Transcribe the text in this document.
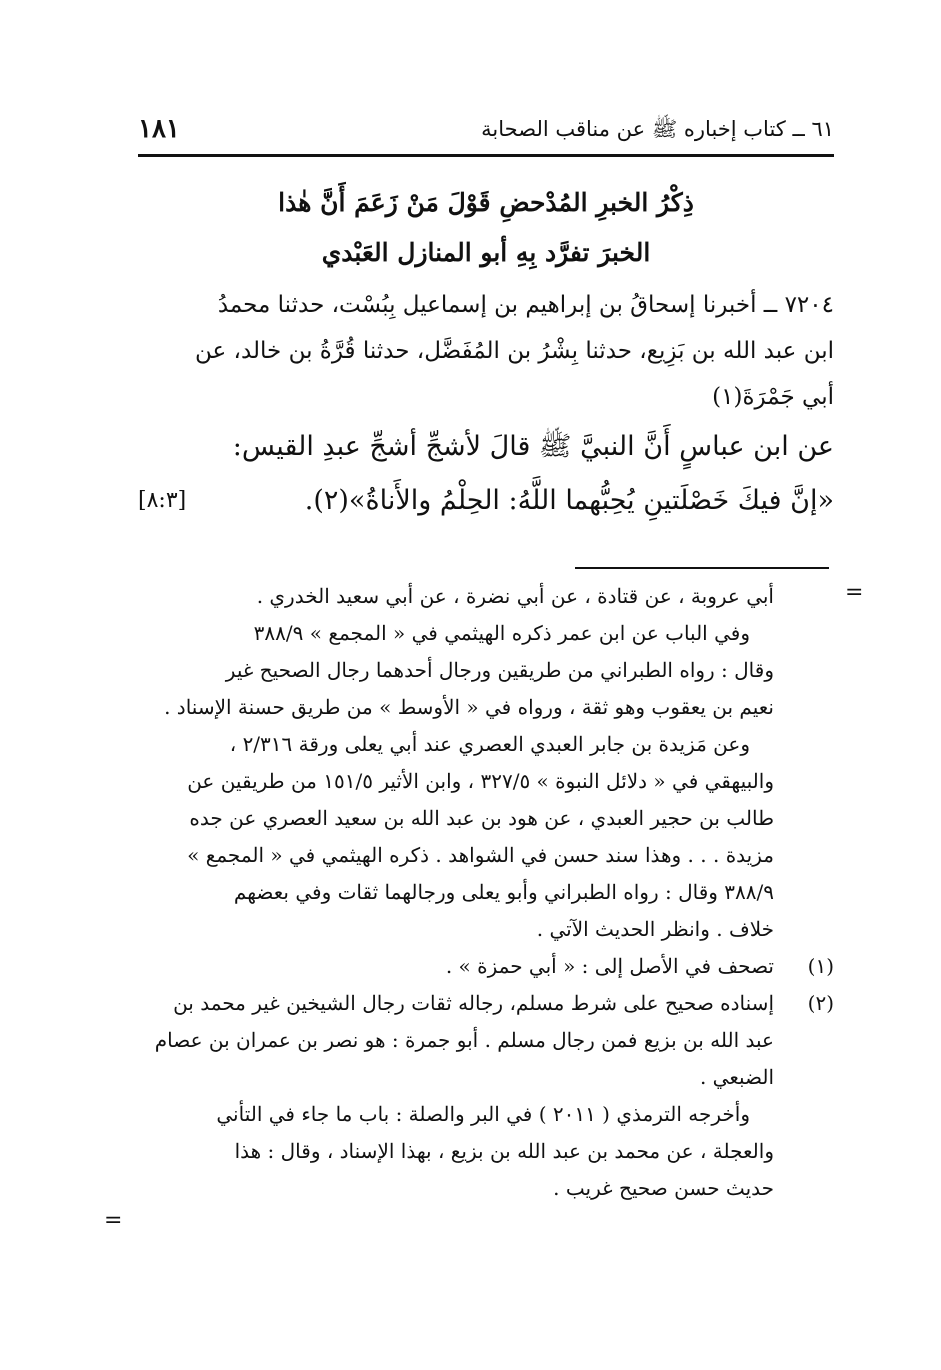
٦١ ــ كتاب إخباره ﷺ عن مناقب الصحابة
١٨١
ذِكْرُ الخبرِ المُدْحضِ قَوْلَ مَنْ زَعَمَ أَنَّ هٰذا
الخبرَ تفرَّد بِهِ أبو المنازل العَبْدي
٧٢٠٤ ــ أخبرنا إسحاقُ بن إبراهيم بن إسماعيل بِبُسْت، حدثنا محمدُ
ابن عبد الله بن بَزِيع، حدثنا بِشْرُ بن المُفَضَّل، حدثنا قُرَّةُ بن خالد، عن
أبي جَمْرَةَ(١)
عن ابن عباسٍ أَنَّ النبيَّ ﷺ قالَ لأشجِّ أشجِّ عبدِ القيس:
«إنَّ فيكَ خَصْلَتينِ يُحِبُّهما اللَّهُ: الحِلْمُ والأَناةُ»(٢).
[٨:٣]
=
أبي عروبة ، عن قتادة ، عن أبي نضرة ، عن أبي سعيد الخدري .
وفي الباب عن ابن عمر ذكره الهيثمي في « المجمع » ٣٨٨/٩
وقال : رواه الطبراني من طريقين ورجال أحدهما رجال الصحيح غير
نعيم بن يعقوب وهو ثقة ، ورواه في « الأوسط » من طريق حسنة الإسناد .
وعن مَزيدة بن جابر العبدي العصري عند أبي يعلى ورقة ٢/٣١٦ ،
والبيهقي في « دلائل النبوة » ٣٢٧/٥ ، وابن الأثير ١٥١/٥ من طريقين عن
طالب بن حجير العبدي ، عن هود بن عبد الله بن سعيد العصري عن جده
مزيدة . . . وهذا سند حسن في الشواهد . ذكره الهيثمي في « المجمع »
٣٨٨/٩ وقال : رواه الطبراني وأبو يعلى ورجالهما ثقات وفي بعضهم
خلاف . وانظر الحديث الآتي .
(١)
تصحف في الأصل إلى : « أبي حمزة » .
(٢)
إسناده صحيح على شرط مسلم، رجاله ثقات رجال الشيخين غير محمد بن
عبد الله بن بزيع فمن رجال مسلم . أبو جمرة : هو نصر بن عمران بن عصام
الضبعي .
وأخرجه الترمذي ( ٢٠١١ ) في البر والصلة : باب ما جاء في التأني
والعجلة ، عن محمد بن عبد الله بن بزيع ، بهذا الإسناد ، وقال : هذا
حديث حسن صحيح غريب .
=
